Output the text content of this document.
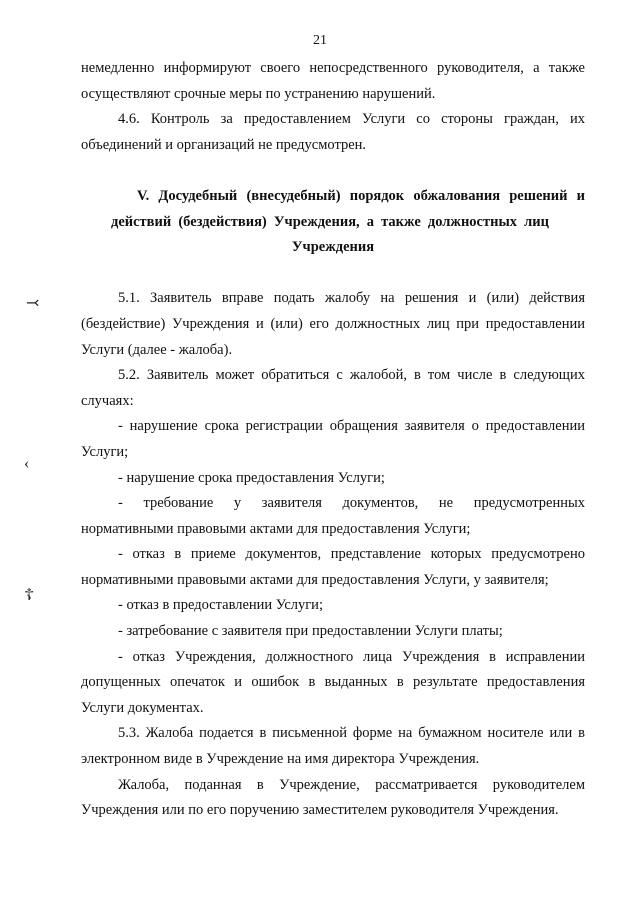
21
⤙
‹
☦
немедленно информируют своего непосредственного руководителя, а также
осуществляют срочные меры по устранению нарушений.
4.6. Контроль за предоставлением Услуги со стороны граждан, их
объединений и организаций не предусмотрен.
V. Досудебный (внесудебный) порядок обжалования решений и
действий (бездействия) Учреждения, а также должностных лиц
Учреждения
5.1. Заявитель вправе подать жалобу на решения и (или) действия
(бездействие) Учреждения и (или) его должностных лиц при предоставлении
Услуги (далее - жалоба).
5.2. Заявитель может обратиться с жалобой, в том числе в следующих
случаях:
- нарушение срока регистрации обращения заявителя о предоставлении
Услуги;
- нарушение срока предоставления Услуги;
- требование у заявителя документов, не предусмотренных
нормативными правовыми актами для предоставления Услуги;
- отказ в приеме документов, представление которых предусмотрено
нормативными правовыми актами для предоставления Услуги, у заявителя;
- отказ в предоставлении Услуги;
- затребование с заявителя при предоставлении Услуги платы;
- отказ Учреждения, должностного лица Учреждения в исправлении
допущенных опечаток и ошибок в выданных в результате предоставления
Услуги документах.
5.3. Жалоба подается в письменной форме на бумажном носителе или в
электронном виде в Учреждение на имя директора Учреждения.
Жалоба, поданная в Учреждение, рассматривается руководителем
Учреждения или по его поручению заместителем руководителя Учреждения.
